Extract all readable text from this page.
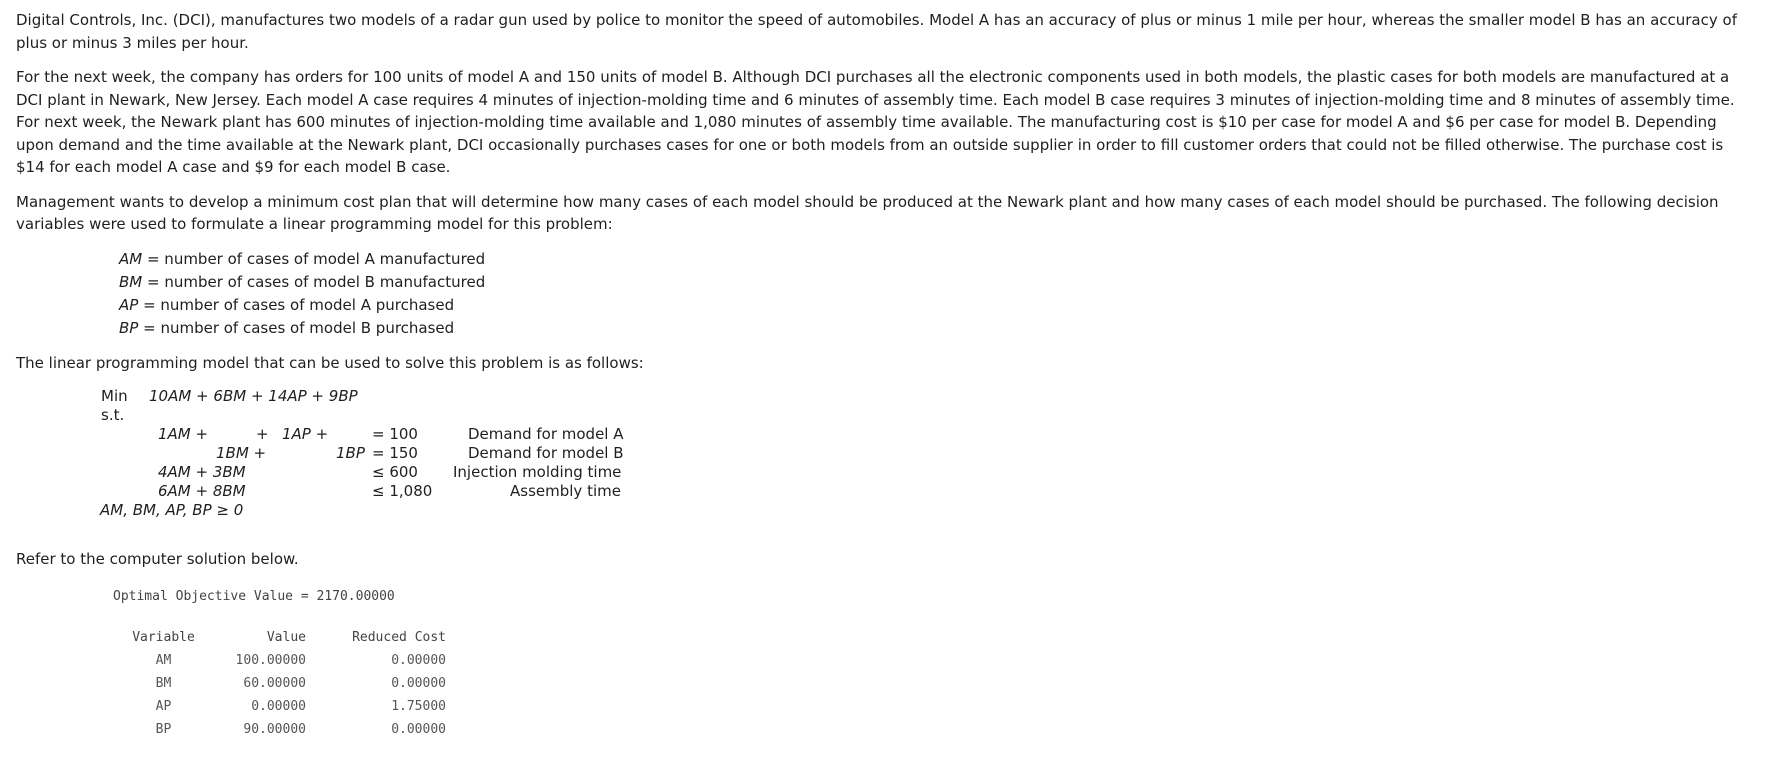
Digital Controls, Inc. (DCI), manufactures two models of a radar gun used by police to monitor the speed of automobiles. Model A has an accuracy of plus or minus 1 mile per hour, whereas the smaller model B has an accuracy of plus or minus 3 miles per hour.

For the next week, the company has orders for 100 units of model A and 150 units of model B. Although DCI purchases all the electronic components used in both models, the plastic cases for both models are manufactured at a DCI plant in Newark, New Jersey. Each model A case requires 4 minutes of injection-molding time and 6 minutes of assembly time. Each model B case requires 3 minutes of injection-molding time and 8 minutes of assembly time. For next week, the Newark plant has 600 minutes of injection-molding time available and 1,080 minutes of assembly time available. The manufacturing cost is $10 per case for model A and $6 per case for model B. Depending upon demand and the time available at the Newark plant, DCI occasionally purchases cases for one or both models from an outside supplier in order to fill customer orders that could not be filled otherwise. The purchase cost is $14 for each model A case and $9 for each model B case.

Management wants to develop a minimum cost plan that will determine how many cases of each model should be produced at the Newark plant and how many cases of each model should be purchased. The following decision variables were used to formulate a linear programming model for this problem:

AM = number of cases of model A manufactured
BM = number of cases of model B manufactured
AP = number of cases of model A purchased
BP = number of cases of model B purchased

The linear programming model that can be used to solve this problem is as follows:

Min 10AM + 6BM + 14AP + 9BP
s.t.
1AM +	+ 1AP +	= 100	Demand for model A
1BM +	1BP = 150	Demand for model B
4AM + 3BM	≤ 600 Injection molding time
6AM + 8BM	≤ 1,080	Assembly time
AM, BM, AP, BP ≥ 0

Refer to the computer solution below.

Optimal Objective Value = 2170.00000
Variable	Value	Reduced Cost
AM	100.00000	0.00000
BM	60.00000	0.00000
AP	0.00000	1.75000
BP	90.00000	0.00000
